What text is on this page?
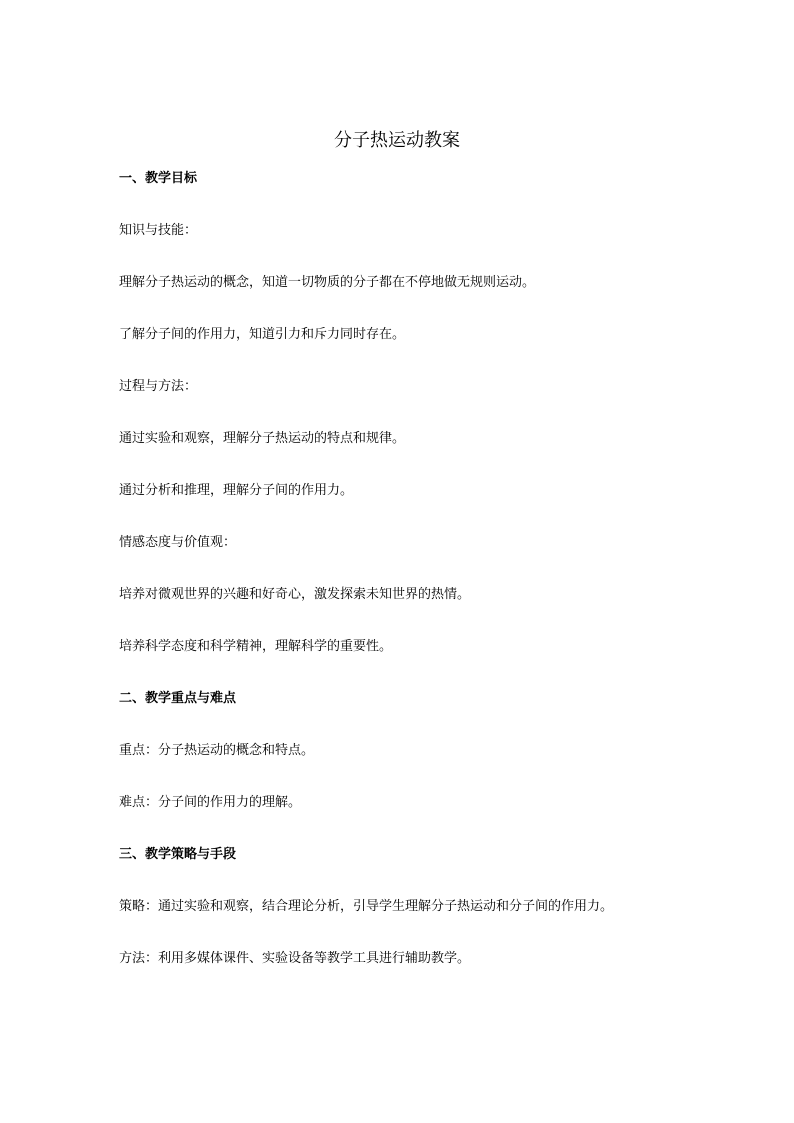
分子热运动教案

一、教学目标

知识与技能：

理解分子热运动的概念，知道一切物质的分子都在不停地做无规则运动。

了解分子间的作用力，知道引力和斥力同时存在。

过程与方法：

通过实验和观察，理解分子热运动的特点和规律。

通过分析和推理，理解分子间的作用力。

情感态度与价值观：

培养对微观世界的兴趣和好奇心，激发探索未知世界的热情。

培养科学态度和科学精神，理解科学的重要性。

二、教学重点与难点

重点：分子热运动的概念和特点。

难点：分子间的作用力的理解。

三、教学策略与手段

策略：通过实验和观察，结合理论分析，引导学生理解分子热运动和分子间的作用力。

方法：利用多媒体课件、实验设备等教学工具进行辅助教学。
